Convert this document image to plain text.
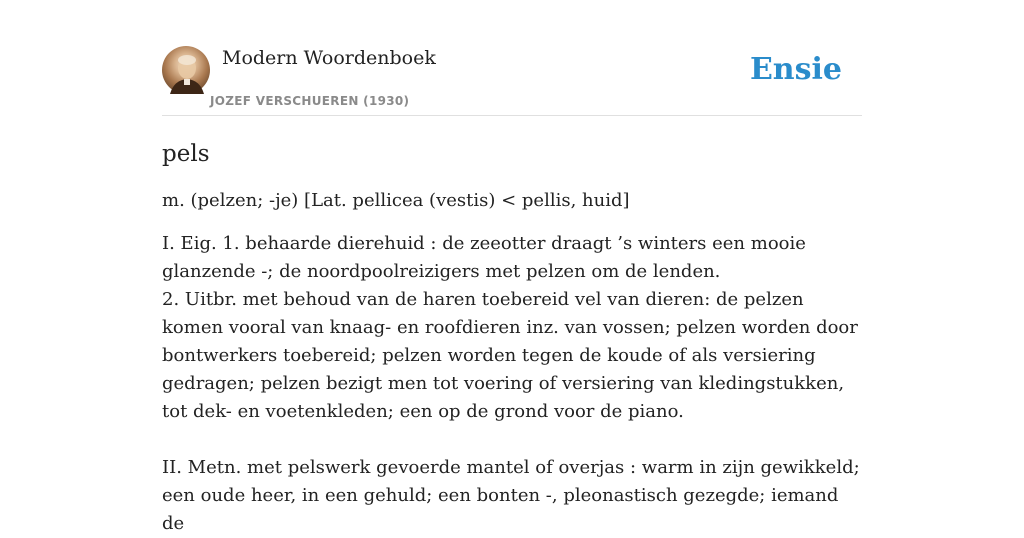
Modern Woordenboek
JOZEF VERSCHUEREN (1930)
Ensie
pels
m. (pelzen; -je) [Lat. pellicea (vestis) < pellis, huid]

I. Eig. 1. behaarde dierehuid : de zeeotter draagt ’s winters een mooie glanzende -; de noordpoolreizigers met pelzen om de lenden.

2. Uitbr. met behoud van de haren toebereid vel van dieren: de pelzen komen vooral van knaag- en roofdieren inz. van vossen; pelzen worden door bontwerkers toebereid; pelzen worden tegen de koude of als versiering gedragen; pelzen bezigt men tot voering of versiering van kledingstukken, tot dek- en voetenkleden; een op de grond voor de piano.

II. Metn. met pelswerk gevoerde mantel of overjas : warm in zijn gewikkeld; een oude heer, in een gehuld; een bonten -, pleonastisch gezegde; iemand de
